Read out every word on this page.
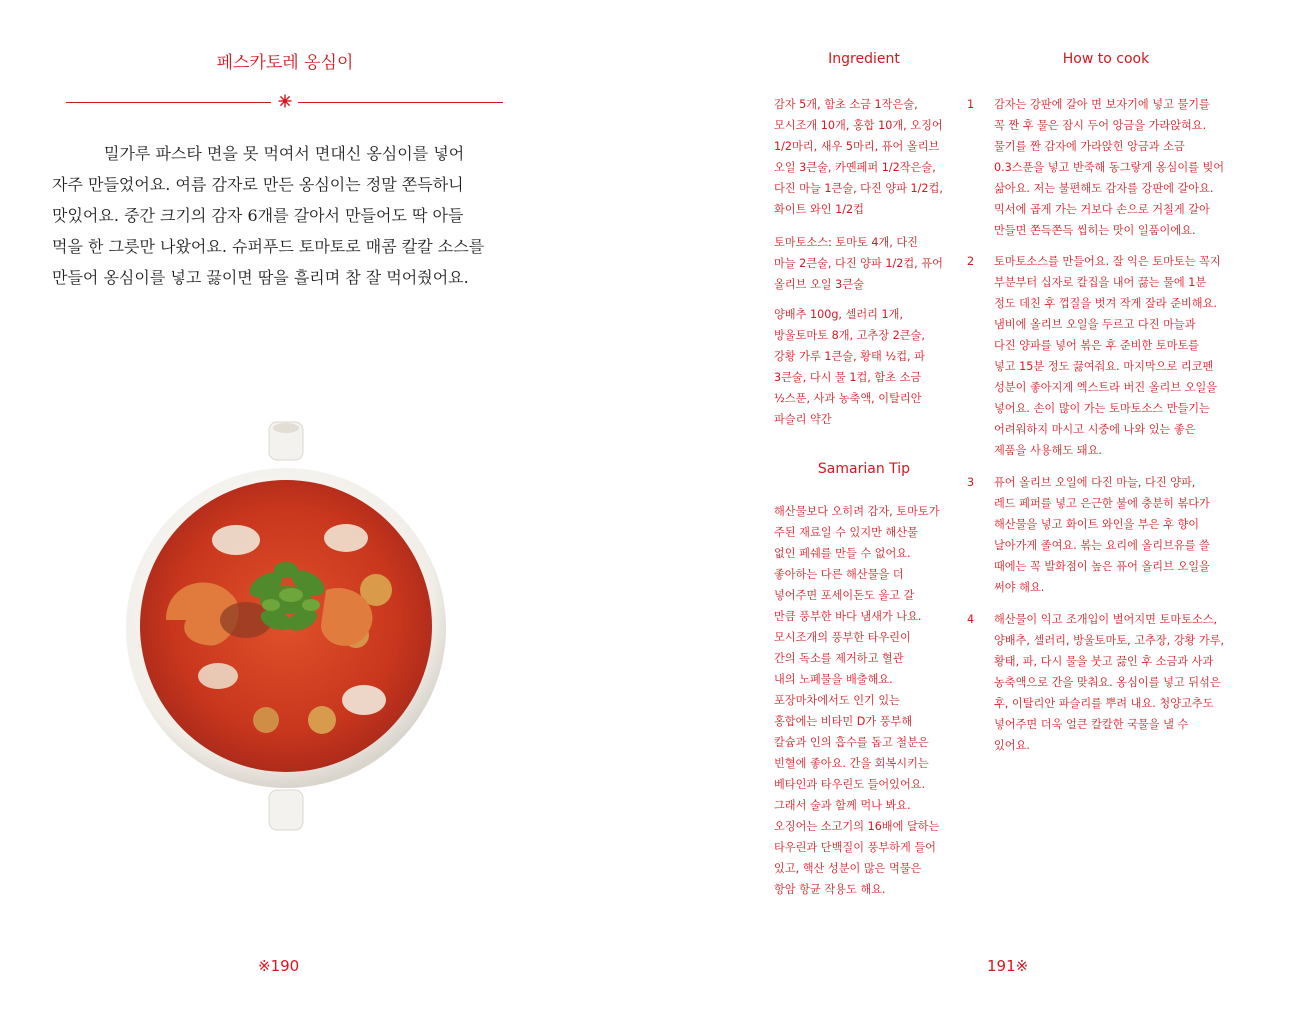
페스카토레 옹심이
밀가루 파스타 면을 못 먹여서 면대신 옹심이를 넣어
자주 만들었어요. 여름 감자로 만든 옹심이는 정말 쫀득하니
맛있어요. 중간 크기의 감자 6개를 갈아서 만들어도 딱 아들
먹을 한 그릇만 나왔어요. 슈퍼푸드 토마토로 매콤 칼칼 소스를
만들어 옹심이를 넣고 끓이면 땀을 흘리며 참 잘 먹어줬어요.
※190
Ingredient	How to cook
감자 5개, 함초 소금 1작은술,
모시조개 10개, 홍합 10개, 오징어
1/2마리, 새우 5마리, 퓨어 올리브
오일 3큰술, 카옌페퍼 1/2작은술,
다진 마늘 1큰술, 다진 양파 1/2컵,
화이트 와인 1/2컵
토마토소스: 토마토 4개, 다진
마늘 2큰술, 다진 양파 1/2컵, 퓨어
올리브 오일 3큰술
양배추 100g, 셀러리 1개,
방울토마토 8개, 고추장 2큰술,
강황 가루 1큰술, 황태 ½컵, 파
3큰술, 다시 물 1컵, 함초 소금
½스푼, 사과 농축액, 이탈리안
파슬리 약간
Samarian Tip
해산물보다 오히려 감자, 토마토가
주된 재료일 수 있지만 해산물
없인 페쉐를 만들 수 없어요.
좋아하는 다른 해산물을 더
넣어주면 포세이돈도 울고 갈
만큼 풍부한 바다 냄새가 나요.
모시조개의 풍부한 타우린이
간의 독소를 제거하고 혈관
내의 노폐물을 배출해요.
포장마차에서도 인기 있는
홍합에는 비타민 D가 풍부해
칼슘과 인의 흡수를 돕고 철분은
빈혈에 좋아요. 간을 회복시키는
베타인과 타우린도 들어있어요.
그래서 술과 함께 먹나 봐요.
오징어는 소고기의 16배에 달하는
타우린과 단백질이 풍부하게 들어
있고, 핵산 성분이 많은 먹물은
항암 항균 작용도 해요.
1 감자는 강판에 갈아 면 보자기에 넣고 물기를
꼭 짠 후 물은 잠시 두어 앙금을 가라앉혀요.
물기를 짠 감자에 가라앉힌 앙금과 소금
0.3스푼을 넣고 반죽해 동그랗게 옹심이를 빚어
삶아요. 저는 불편해도 감자를 강판에 갈아요.
믹서에 곱게 가는 거보다 손으로 거칠게 갈아
만들면 쫀득쫀득 씹히는 맛이 일품이에요.
2 토마토소스를 만들어요. 잘 익은 토마토는 꼭지
부분부터 십자로 칼집을 내어 끓는 물에 1분
정도 데친 후 껍질을 벗겨 작게 잘라 준비해요.
냄비에 올리브 오일을 두르고 다진 마늘과
다진 양파를 넣어 볶은 후 준비한 토마토를
넣고 15분 정도 끓여줘요. 마지막으로 리코펜
성분이 좋아지게 엑스트라 버진 올리브 오일을
넣어요. 손이 많이 가는 토마토소스 만들기는
어려워하지 마시고 시중에 나와 있는 좋은
제품을 사용해도 돼요.
3 퓨어 올리브 오일에 다진 마늘, 다진 양파,
레드 페퍼를 넣고 은근한 불에 충분히 볶다가
해산물을 넣고 화이트 와인을 부은 후 향이
날아가게 졸여요. 볶는 요리에 올리브유를 쓸
때에는 꼭 발화점이 높은 퓨어 올리브 오일을
써야 해요.
4 해산물이 익고 조개입이 벌어지면 토마토소스,
양배추, 셀러리, 방울토마토, 고추장, 강황 가루,
황태, 파, 다시 물을 붓고 끓인 후 소금과 사과
농축액으로 간을 맞춰요. 옹심이를 넣고 뒤섞은
후, 이탈리안 파슬리를 뿌려 내요. 청양고추도
넣어주면 더욱 얼큰 칼칼한 국물을 낼 수
있어요.
191※
